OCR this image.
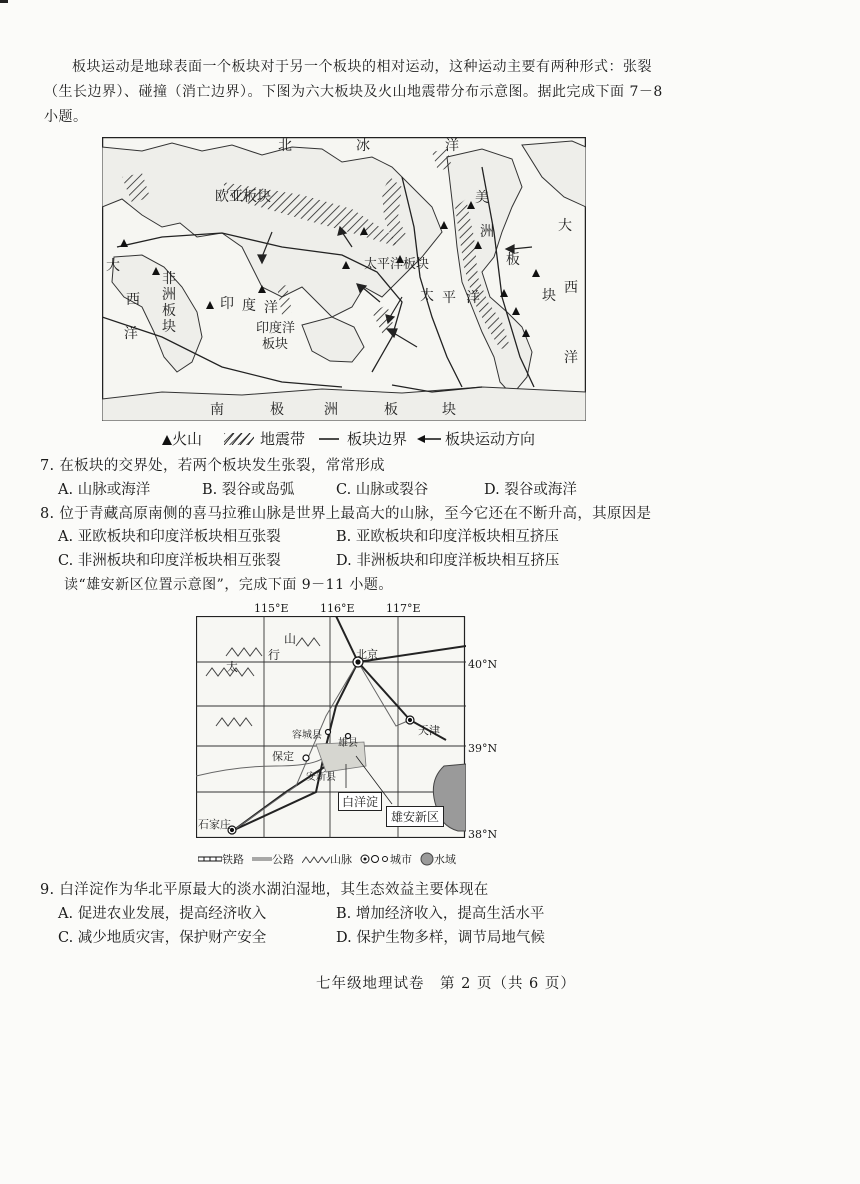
板块运动是地球表面一个板块对于另一个板块的相对运动，这种运动主要有两种形式：张裂（生长边界）、碰撞（消亡边界）。下图为六大板块及火山地震带分布示意图。据此完成下面 7－8 小题。
北	冰	洋
欧亚板块	美
洲
板
块
大
西
洋
大
西
洋
非
洲
板
块
印 度 洋
印度洋
板块
太平洋板块
太 平 洋
南	极	洲	板	块
火山	地震带	板块边界	板块运动方向
7. 在板块的交界处，若两个板块发生张裂，常常形成
A. 山脉或海洋	B. 裂谷或岛弧	C. 山脉或裂谷	D. 裂谷或海洋
8. 位于青藏高原南侧的喜马拉雅山脉是世界上最高大的山脉，至今它还在不断升高，其原因是
A. 亚欧板块和印度洋板块相互张裂	B. 亚欧板块和印度洋板块相互挤压
C. 非洲板块和印度洋板块相互张裂	D. 非洲板块和印度洋板块相互挤压
读“雄安新区位置示意图”，完成下面 9－11 小题。
115°E	116°E	117°E
山
行
太
北京
天津
保定
容城县
雄县
安新县
石家庄
白洋淀
雄安新区
40°N
39°N
38°N
铁路	公路	山脉	城市 水域
9. 白洋淀作为华北平原最大的淡水湖泊湿地，其生态效益主要体现在
A. 促进农业发展，提高经济收入	B. 增加经济收入，提高生活水平
C. 减少地质灾害，保护财产安全	D. 保护生物多样，调节局地气候
七年级地理试卷　第 2 页（共 6 页）
